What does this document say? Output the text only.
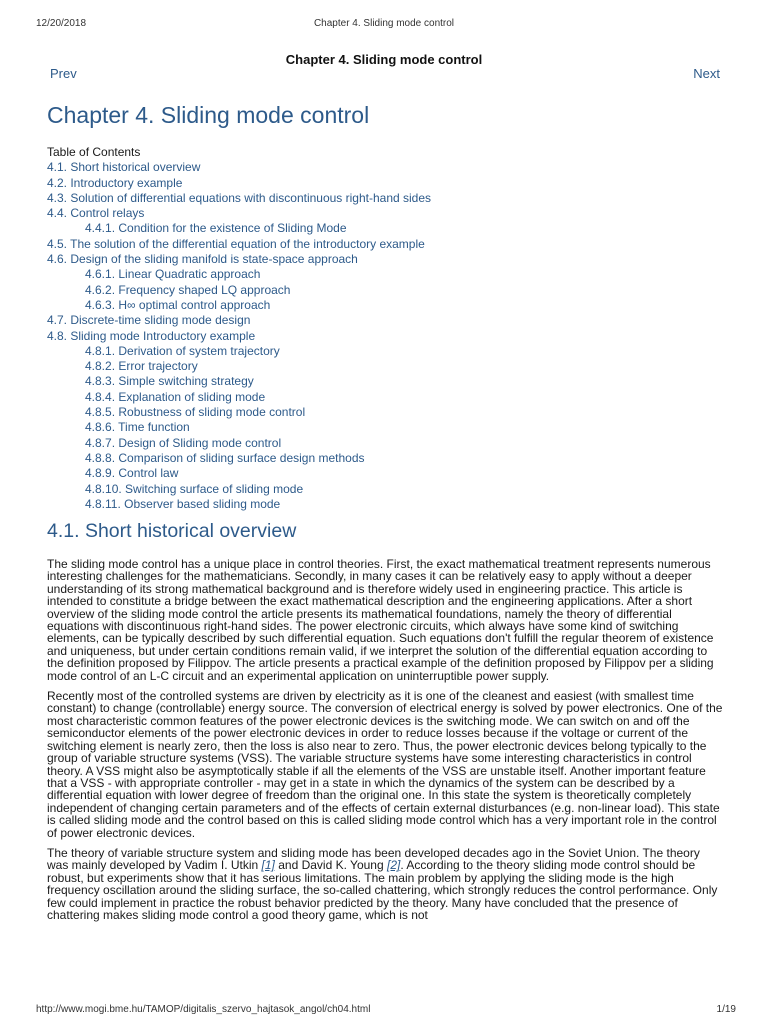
12/20/2018	Chapter 4. Sliding mode control
Chapter 4. Sliding mode control
Prev	Next
Chapter 4. Sliding mode control
Table of Contents
4.1. Short historical overview
4.2. Introductory example
4.3. Solution of differential equations with discontinuous right-hand sides
4.4. Control relays
4.4.1. Condition for the existence of Sliding Mode
4.5. The solution of the differential equation of the introductory example
4.6. Design of the sliding manifold is state-space approach
4.6.1. Linear Quadratic approach
4.6.2. Frequency shaped LQ approach
4.6.3. H∞ optimal control approach
4.7. Discrete-time sliding mode design
4.8. Sliding mode Introductory example
4.8.1. Derivation of system trajectory
4.8.2. Error trajectory
4.8.3. Simple switching strategy
4.8.4. Explanation of sliding mode
4.8.5. Robustness of sliding mode control
4.8.6. Time function
4.8.7. Design of Sliding mode control
4.8.8. Comparison of sliding surface design methods
4.8.9. Control law
4.8.10. Switching surface of sliding mode
4.8.11. Observer based sliding mode
4.1. Short historical overview

The sliding mode control has a unique place in control theories. First, the exact mathematical treatment represents numerous interesting challenges for the mathematicians. Secondly, in many cases it can be relatively easy to apply without a deeper understanding of its strong mathematical background and is therefore widely used in engineering practice. This article is intended to constitute a bridge between the exact mathematical description and the engineering applications. After a short overview of the sliding mode control the article presents its mathematical foundations, namely the theory of differential equations with discontinuous right-hand sides. The power electronic circuits, which always have some kind of switching elements, can be typically described by such differential equation. Such equations don't fulfill the regular theorem of existence and uniqueness, but under certain conditions remain valid, if we interpret the solution of the differential equation according to the definition proposed by Filippov. The article presents a practical example of the definition proposed by Filippov per a sliding mode control of an L-C circuit and an experimental application on uninterruptible power supply.

Recently most of the controlled systems are driven by electricity as it is one of the cleanest and easiest (with smallest time constant) to change (controllable) energy source. The conversion of electrical energy is solved by power electronics. One of the most characteristic common features of the power electronic devices is the switching mode. We can switch on and off the semiconductor elements of the power electronic devices in order to reduce losses because if the voltage or current of the switching element is nearly zero, then the loss is also near to zero. Thus, the power electronic devices belong typically to the group of variable structure systems (VSS). The variable structure systems have some interesting characteristics in control theory. A VSS might also be asymptotically stable if all the elements of the VSS are unstable itself. Another important feature that a VSS - with appropriate controller - may get in a state in which the dynamics of the system can be described by a differential equation with lower degree of freedom than the original one. In this state the system is theoretically completely independent of changing certain parameters and of the effects of certain external disturbances (e.g. non-linear load). This state is called sliding mode and the control based on this is called sliding mode control which has a very important role in the control of power electronic devices.

The theory of variable structure system and sliding mode has been developed decades ago in the Soviet Union. The theory was mainly developed by Vadim I. Utkin [1] and David K. Young [2]. According to the theory sliding mode control should be robust, but experiments show that it has serious limitations. The main problem by applying the sliding mode is the high frequency oscillation around the sliding surface, the so-called chattering, which strongly reduces the control performance. Only few could implement in practice the robust behavior predicted by the theory. Many have concluded that the presence of chattering makes sliding mode control a good theory game, which is not

http://www.mogi.bme.hu/TAMOP/digitalis_szervo_hajtasok_angol/ch04.html	1/19
